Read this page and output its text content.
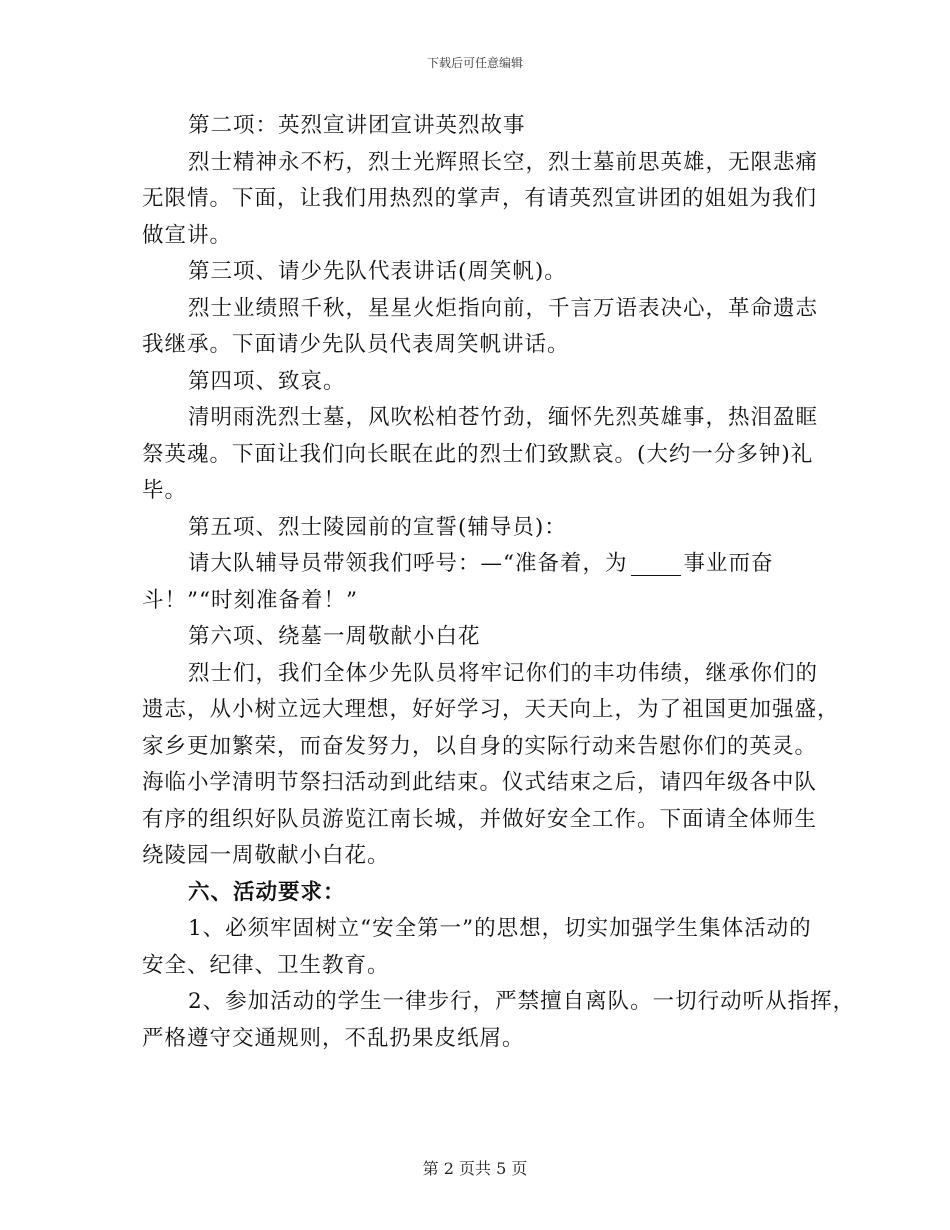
下载后可任意编辑
第二项：英烈宣讲团宣讲英烈故事
烈士精神永不朽，烈士光辉照长空，烈士墓前思英雄，无限悲痛
无限情。下面，让我们用热烈的掌声，有请英烈宣讲团的姐姐为我们
做宣讲。
第三项、请少先队代表讲话(周笑帆)。
烈士业绩照千秋，星星火炬指向前，千言万语表决心，革命遗志
我继承。下面请少先队员代表周笑帆讲话。
第四项、致哀。
清明雨洗烈士墓，风吹松柏苍竹劲，缅怀先烈英雄事，热泪盈眶
祭英魂。下面让我们向长眠在此的烈士们致默哀。(大约一分多钟)礼
毕。
第五项、烈士陵园前的宣誓(辅导员)：
请大队辅导员带领我们呼号：—“准备着，为	事业而奋
斗！”“时刻准备着！”
第六项、绕墓一周敬献小白花
烈士们，我们全体少先队员将牢记你们的丰功伟绩，继承你们的
遗志，从小树立远大理想，好好学习，天天向上，为了祖国更加强盛，
家乡更加繁荣，而奋发努力，以自身的实际行动来告慰你们的英灵。
海临小学清明节祭扫活动到此结束。仪式结束之后，请四年级各中队
有序的组织好队员游览江南长城，并做好安全工作。下面请全体师生
绕陵园一周敬献小白花。
六、活动要求：
1、必须牢固树立“安全第一”的思想，切实加强学生集体活动的
安全、纪律、卫生教育。
2、参加活动的学生一律步行，严禁擅自离队。一切行动听从指挥，
严格遵守交通规则，不乱扔果皮纸屑。
第 2 页共 5 页
